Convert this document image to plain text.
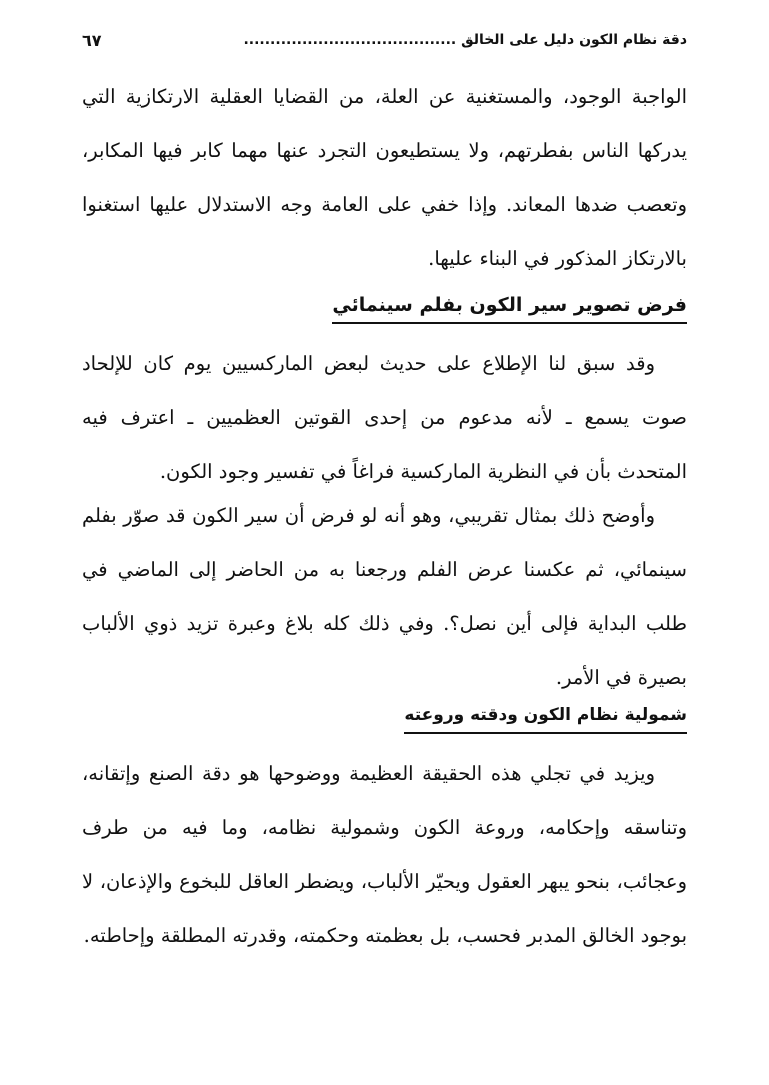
دقة نظام الكون دليل على الخالق ........................................
٦٧

الواجبة الوجود، والمستغنية عن العلة، من القضايا العقلية الارتكازية التي يدركها الناس بفطرتهم، ولا يستطيعون التجرد عنها مهما كابر فيها المكابر، وتعصب ضدها المعاند. وإذا خفي على العامة وجه الاستدلال عليها استغنوا بالارتكاز المذكور في البناء عليها.

فرض تصوير سير الكون بفلم سينمائي

وقد سبق لنا الإطلاع على حديث لبعض الماركسيين يوم كان للإلحاد صوت يسمع ـ لأنه مدعوم من إحدى القوتين العظميين ـ اعترف فيه المتحدث بأن في النظرية الماركسية فراغاً في تفسير وجود الكون.

وأوضح ذلك بمثال تقريبي، وهو أنه لو فرض أن سير الكون قد صوّر بفلم سينمائي، ثم عكسنا عرض الفلم ورجعنا به من الحاضر إلى الماضي في طلب البداية فإلى أين نصل؟. وفي ذلك كله بلاغ وعبرة تزيد ذوي الألباب بصيرة في الأمر.

شمولية نظام الكون ودقته وروعته

ويزيد في تجلي هذه الحقيقة العظيمة ووضوحها هو دقة الصنع وإتقانه، وتناسقه وإحكامه، وروعة الكون وشمولية نظامه، وما فيه من طرف وعجائب، بنحو يبهر العقول ويحيّر الألباب، ويضطر العاقل للبخوع والإذعان، لا بوجود الخالق المدبر فحسب، بل بعظمته وحكمته، وقدرته المطلقة وإحاطته.
